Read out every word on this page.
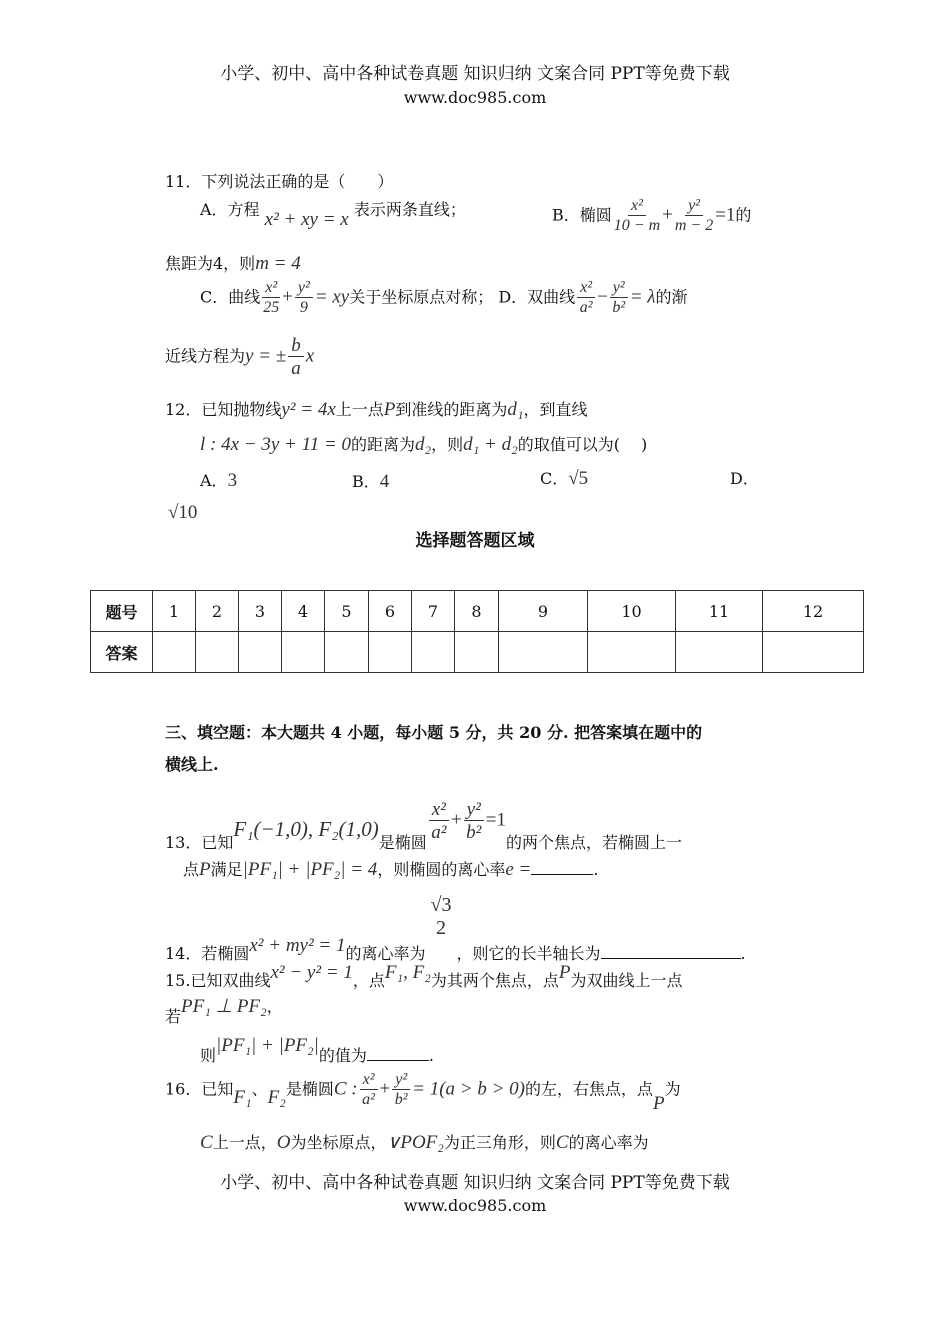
小学、初中、高中各种试卷真题 知识归纳 文案合同 PPT等免费下载
www.doc985.com
11．下列说法正确的是（　　）
A．方程 x² + xy = x 表示两条直线；	B．椭圆 $\frac{\text{x²}}{10 - m} + \frac{\text{y²}}{m - 2} =1$的
焦距为4，则m = 4
C．曲线 $\frac{\text{x²}}{25} + \frac{\text{y²}}{9}$ = xy关于坐标原点对称； D．双曲线 $\frac{\text{x²}}{\text{a²}} - \frac{\text{y²}}{\text{b²}} = \lambda$的渐
近线方程为y = ± $\frac{b}{a}$ x
12．已知抛物线y² = 4x上一点P到准线的距离为d₁，到直线
l : 4x − 3y + 11 = 0的距离为d₂，则d₁ + d₂的取值可以为(　 )
A．3	B．4	C．√5	D．
√10
选择题答题区域
题号	1	2	3	4	5	6	7	8	9	10	11	12
答案												
三、填空题：本大题共 4 小题，每小题 5 分，共 20 分. 把答案填在题中的
横线上.
13．已知F₁(−1,0), F₂(1,0)是椭圆 $\frac{\text{x²}}{\text{a²}} + \frac{\text{y²}}{\text{b²}} =1$的两个焦点，若椭圆上一
点P满足|PF₁| + |PF₂| = 4，则椭圆的离心率e =	.
14．若椭圆x² + my² = 1的离心率为
√3
2
，则它的长半轴长为	.
15.已知双曲线x² − y² = 1，点F₁, F₂为其两个焦点，点P为双曲线上一点
若PF₁ ⊥ PF₂，
则|PF₁| + |PF₂|的值为	.
16．已知F₁、F₂是椭圆C : $\frac{\text{x²}}{\text{a²}} + \frac{\text{y²}}{\text{b²}} = 1(a > b > 0)$的左，右焦点，点P为
C上一点，O为坐标原点，∨POF₂为正三角形，则C的离心率为
小学、初中、高中各种试卷真题 知识归纳 文案合同 PPT等免费下载
www.doc985.com
